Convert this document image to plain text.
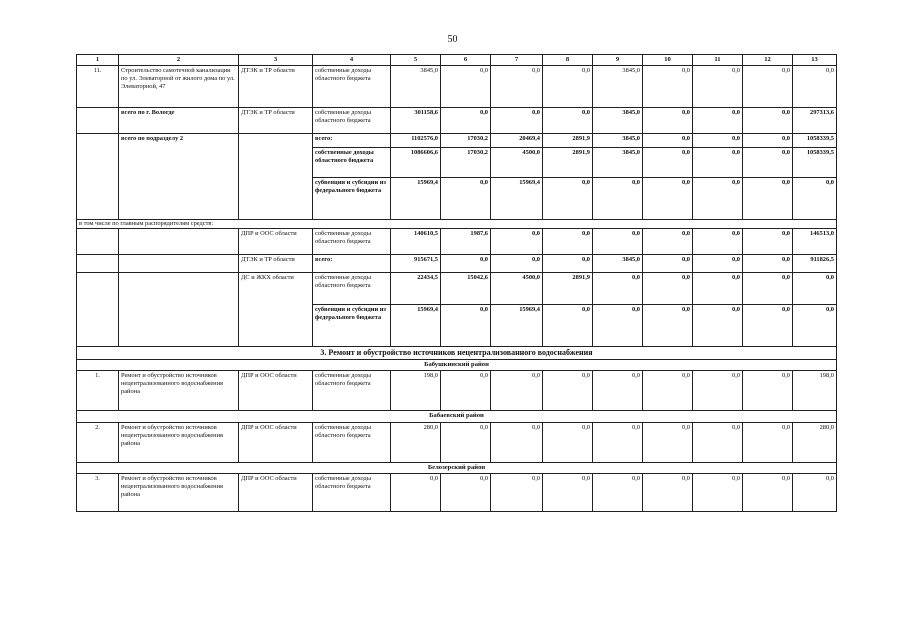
50
1	2	3	4	5	6	7	8	9	10	11	12	13
11.	Строительство самотечной канализации по ул. Элеваторной от жилого дома по ул. Элеваторной, 47	ДТЭК и ТР области	собственные доходы областного бюджета	3845,0	0,0	0,0	0,0	3845,0	0,0	0,0	0,0	0,0
	всего по г. Вологде	ДТЭК и ТР области	собственные доходы областного бюджета	301158,6	0,0	0,0	0,0	3845,0	0,0	0,0	0,0	297313,6
	всего по подразделу 2		всего:	1102576,0	17030,2	20469,4	2891,9	3845,0	0,0	0,0	0,0	1058339,5
			собственные доходы областного бюджета	1086606,6	17030,2	4500,0	2891,9	3845,0	0,0	0,0	0,0	1058339,5
			субвенции и субсидии из федерального бюджета	15969,4	0,0	15969,4	0,0	0,0	0,0	0,0	0,0	0,0
в том числе по главным распорядителям средств:												
		ДПР и ООС области	собственные доходы областного бюджета	140610,5	1987,6	0,0	0,0	0,0	0,0	0,0	0,0	146513,0
		ДТЭК и ТР области	всего:	915671,5	0,0	0,0	0,0	3845,0	0,0	0,0	0,0	911826,5
		ДС и ЖКХ области	собственные доходы областного бюджета	22434,5	15042,6	4500,0	2891,9	0,0	0,0	0,0	0,0	0,0
			субвенции и субсидии из федерального бюджета	15969,4	0,0	15969,4	0,0	0,0	0,0	0,0	0,0	0,0
3. Ремонт и обустройство источников нецентрализованного водоснабжения												
Бабушкинский район												
1.	Ремонт и обустройство источников нецентрализованного водоснабжения района	ДПР и ООС области	собственные доходы областного бюджета	198,0	0,0	0,0	0,0	0,0	0,0	0,0	0,0	198,0
Бабаевский район												
2.	Ремонт и обустройство источников нецентрализованного водоснабжения района	ДПР и ООС области	собственные доходы областного бюджета	280,0	0,0	0,0	0,0	0,0	0,0	0,0	0,0	280,0
Белозерский район												
3.	Ремонт и обустройство источников нецентрализованного водоснабжения района	ДПР и ООС области	собственные доходы областного бюджета	0,0	0,0	0,0	0,0	0,0	0,0	0,0	0,0	0,0
